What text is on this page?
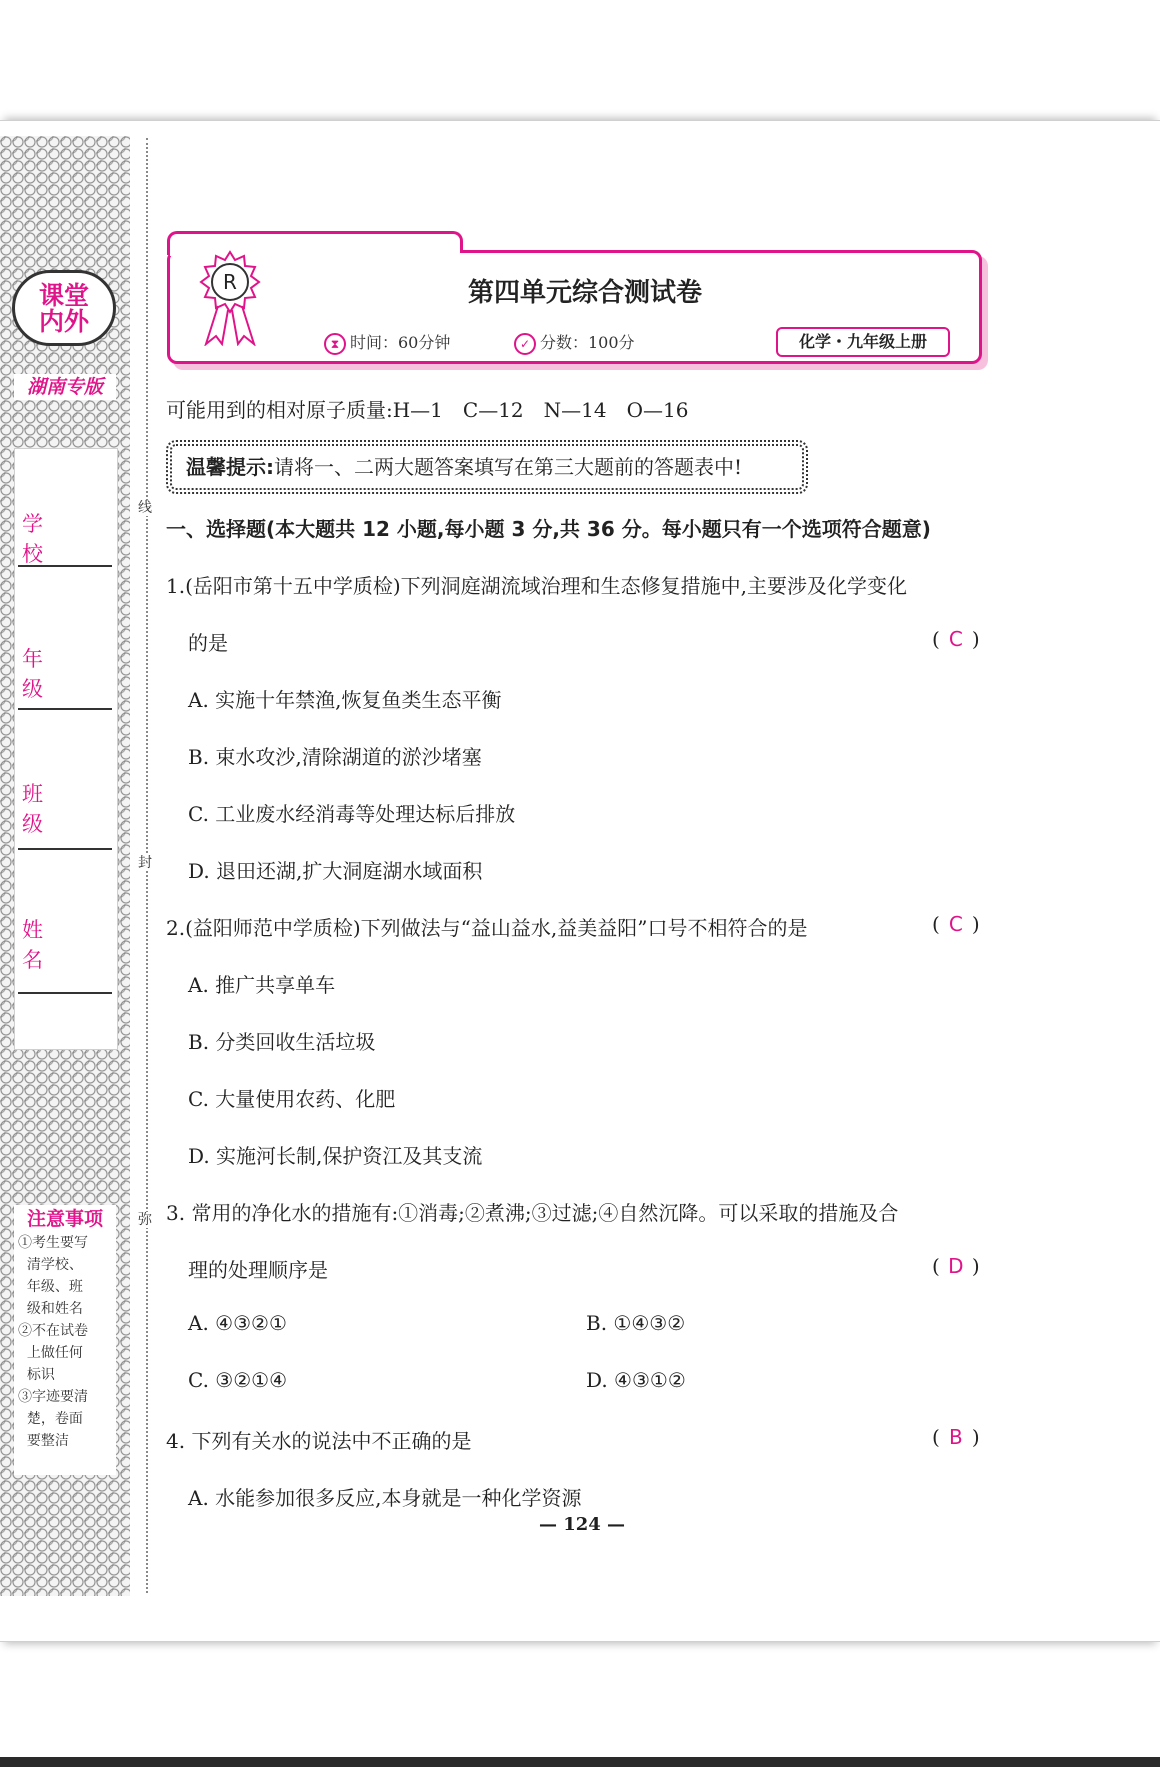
课堂
内外
湖南专版
学 校
年 级
班 级
姓 名
注意事项
①考生要写
清学校、
年级、班
级和姓名
②不在试卷
上做任何
标识
③字迹要清
楚，卷面
要整洁
线
封
弥
R	第四单元综合测试卷
⧗ 时间：60分钟	✓ 分数：100分	化学・九年级上册
可能用到的相对原子质量:H—1　C—12　N—14　O—16
温馨提示:请将一、二两大题答案填写在第三大题前的答题表中!
一、选择题(本大题共 12 小题,每小题 3 分,共 36 分。每小题只有一个选项符合题意)
1.(岳阳市第十五中学质检)下列洞庭湖流域治理和生态修复措施中,主要涉及化学变化
的是	( C )
A. 实施十年禁渔,恢复鱼类生态平衡
B. 束水攻沙,清除湖道的淤沙堵塞
C. 工业废水经消毒等处理达标后排放
D. 退田还湖,扩大洞庭湖水域面积
2.(益阳师范中学质检)下列做法与“益山益水,益美益阳”口号不相符合的是	( C )
A. 推广共享单车
B. 分类回收生活垃圾
C. 大量使用农药、化肥
D. 实施河长制,保护资江及其支流
3. 常用的净化水的措施有:①消毒;②煮沸;③过滤;④自然沉降。可以采取的措施及合
理的处理顺序是	( D )
A. ④③②①	B. ①④③②
C. ③②①④	D. ④③①②
4. 下列有关水的说法中不正确的是	( B )
A. 水能参加很多反应,本身就是一种化学资源
— 124 —
